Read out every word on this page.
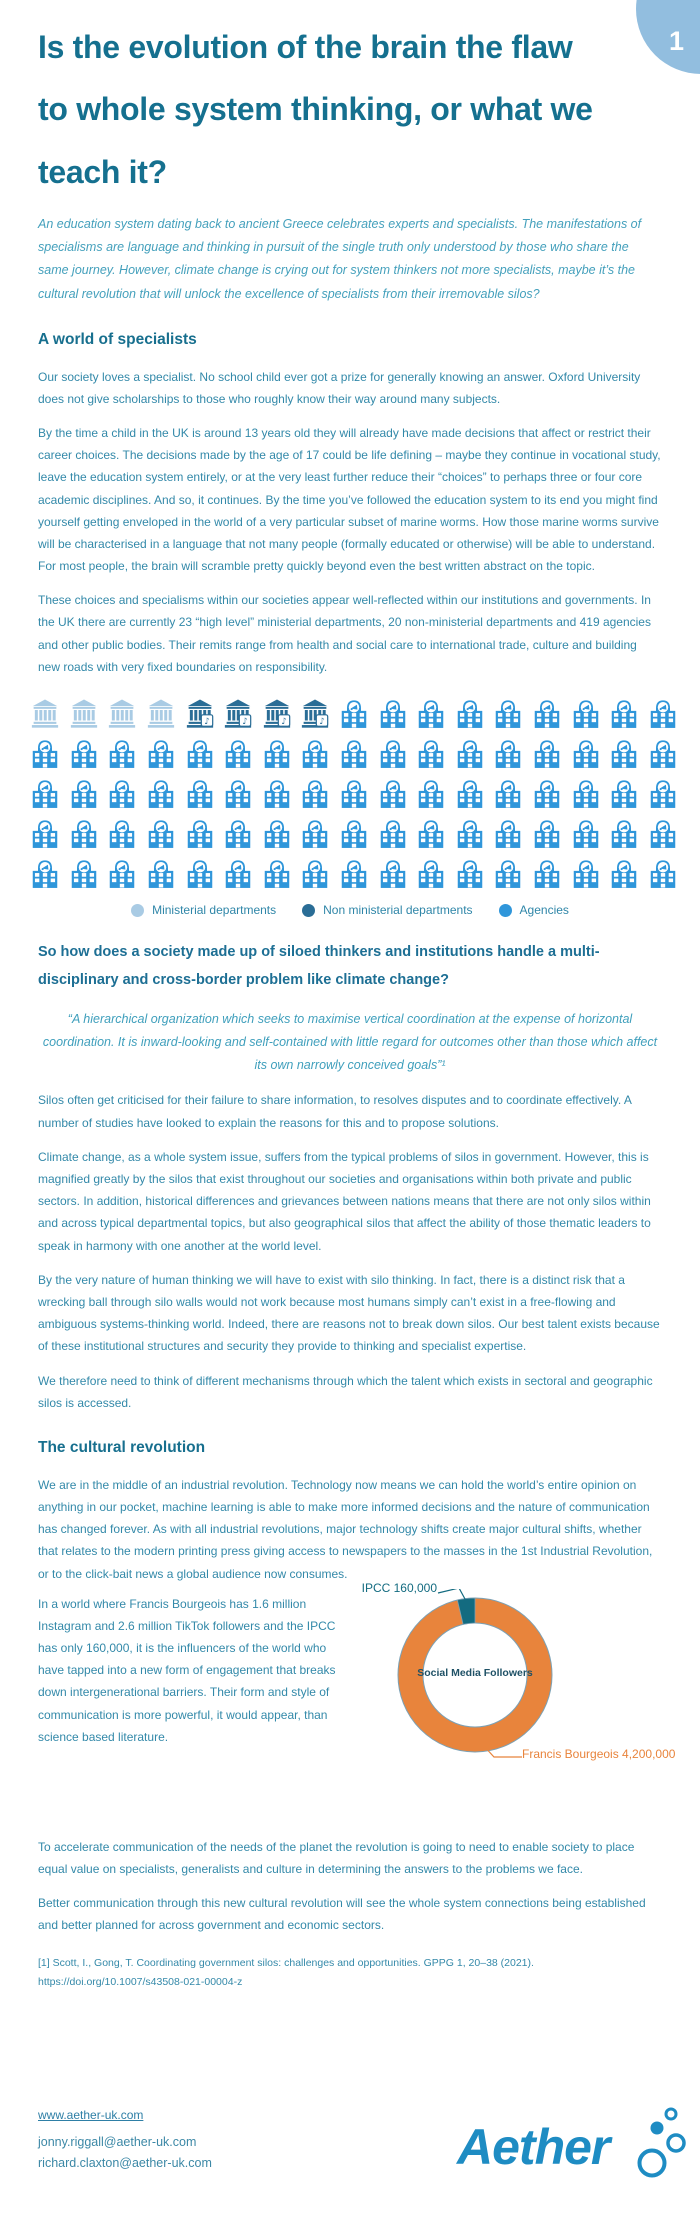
1
Is the evolution of the brain the flaw
to whole system thinking, or what we
teach it?

An education system dating back to ancient Greece celebrates experts and specialists. The manifestations of specialisms are language and thinking in pursuit of the single truth only understood by those who share the same journey. However, climate change is crying out for system thinkers not more specialists, maybe it’s the cultural revolution that will unlock the excellence of specialists from their irremovable silos?

A world of specialists

Our society loves a specialist. No school child ever got a prize for generally knowing an answer. Oxford University does not give scholarships to those who roughly know their way around many subjects.

By the time a child in the UK is around 13 years old they will already have made decisions that affect or restrict their career choices. The decisions made by the age of 17 could be life defining – maybe they continue in vocational study, leave the education system entirely, or at the very least further reduce their “choices” to perhaps three or four core academic disciplines. And so, it continues. By the time you’ve followed the education system to its end you might find yourself getting enveloped in the world of a very particular subset of marine worms. How those marine worms survive will be characterised in a language that not many people (formally educated or otherwise) will be able to understand. For most people, the brain will scramble pretty quickly beyond even the best written abstract on the topic.

These choices and specialisms within our societies appear well-reflected within our institutions and governments. In the UK there are currently 23 “high level” ministerial departments, 20 non-ministerial departments and 419 agencies and other public bodies. Their remits range from health and social care to international trade, culture and building new roads with very fixed boundaries on responsibility.

♪	♪	♪	♪
Ministerial departments	Non ministerial departments	Agencies
So how does a society made up of siloed thinkers and institutions handle a multi-disciplinary and cross-border problem like climate change?
“A hierarchical organization which seeks to maximise vertical coordination at the expense of horizontal coordination. It is inward-looking and self-contained with little regard for outcomes other than those which affect its own narrowly conceived goals”¹

Silos often get criticised for their failure to share information, to resolves disputes and to coordinate effectively. A number of studies have looked to explain the reasons for this and to propose solutions.

Climate change, as a whole system issue, suffers from the typical problems of silos in government. However, this is magnified greatly by the silos that exist throughout our societies and organisations within both private and public sectors. In addition, historical differences and grievances between nations means that there are not only silos within and across typical departmental topics, but also geographical silos that affect the ability of those thematic leaders to speak in harmony with one another at the world level.

By the very nature of human thinking we will have to exist with silo thinking. In fact, there is a distinct risk that a wrecking ball through silo walls would not work because most humans simply can’t exist in a free-flowing and ambiguous systems-thinking world. Indeed, there are reasons not to break down silos. Our best talent exists because of these institutional structures and security they provide to thinking and specialist expertise.

We therefore need to think of different mechanisms through which the talent which exists in sectoral and geographic silos is accessed.

The cultural revolution

We are in the middle of an industrial revolution. Technology now means we can hold the world’s entire opinion on anything in our pocket, machine learning is able to make more informed decisions and the nature of communication has changed forever. As with all industrial revolutions, major technology shifts create major cultural shifts, whether that relates to the modern printing press giving access to newspapers to the masses in the 1st Industrial Revolution, or to the click-bait news a global audience now consumes.

In a world where Francis Bourgeois has 1.6 million Instagram and 2.6 million TikTok followers and the IPCC has only 160,000, it is the influencers of the world who have tapped into a new form of engagement that breaks down intergenerational barriers. Their form and style of communication is more powerful, it would appear, than science based literature.

IPCC 160,000
Francis Bourgeois 4,200,000
Social Media Followers

To accelerate communication of the needs of the planet the revolution is going to need to enable society to place equal value on specialists, generalists and culture in determining the answers to the problems we face.

Better communication through this new cultural revolution will see the whole system connections being established and better planned for across government and economic sectors.

[1] Scott, I., Gong, T. Coordinating government silos: challenges and opportunities. GPPG 1, 20–38 (2021).
https://doi.org/10.1007/s43508-021-00004-z
www.aether-uk.com
jonny.riggall@aether-uk.com
richard.claxton@aether-uk.com	Aether
